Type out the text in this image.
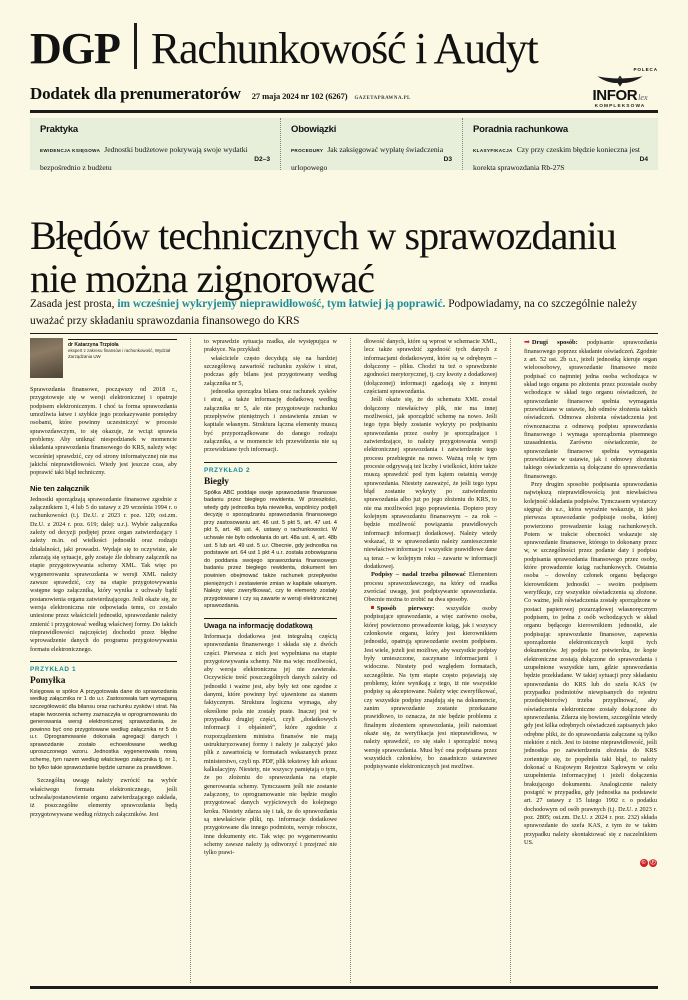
DGP Rachunkowość i Audyt
Dodatek dla prenumeratorów 27 maja 2024 nr 102 (6267) GAZETAPRAWNA.PL
POLECA
INFORlex
KOMPLEKSOWA
Praktyka
EWIDENCJA KSIĘGOWA Jednostki budżetowe pokrywają swoje wydatki bezpośrednio z budżetu
D2–3
Obowiązki
PROCEDURY Jak zaksięgować wypłatę świadczenia urlopowego
D3
Poradnia rachunkowa
KLASYFIKACJA Czy przy czeskim błędzie konieczna jest korekta sprawozdania Rb-27S
D4
Błędów technicznych w sprawozdaniu nie można zignorować
Zasada jest prosta, im wcześniej wykryjemy nieprawidłowość, tym łatwiej ją poprawić. Podpowiadamy, na co szczególnie należy uważać przy składaniu sprawozdania finansowego do KRS
dr Katarzyna Trzpioła
ekspert z zakresu finansów i rachunkowość, Wydział Zarządzania UW
Sprawozdania finansowe, począwszy od 2018 r., przygotowuje się w wersji elektronicznej i opatruje podpisem elektronicznym. I choć ta forma sprawozdania umożliwia łatwe i szybkie jego przekazywanie pomiędzy osobami, które powinny uczestniczyć w procesie sprawozdawczym, to się okazuje, że wciąż sprawia problemy. Aby uniknąć niespodzianek w momencie składania sprawozdania finansowego do KRS, należy więc wcześniej sprawdzić, czy od strony informatycznej nie ma jakichś nieprawidłowości. Wtedy jest jeszcze czas, aby poprawić taki błąd techniczny.
Nie ten załącznik
Jednostki sporządzają sprawozdanie finansowe zgodnie z załącznikiem 1, 4 lub 5 do ustawy z 29 września 1994 r. o rachunkowości (t.j. Dz.U. z 2023 r. poz. 120; ost.zm. Dz.U. z 2024 r. poz. 619; dalej: u.r.). Wybór załącznika zależy od decyzji podjętej przez organ zatwierdzający i zależy m.in. od wielkości jednostki oraz rodzaju działalności, jaki prowadzi. Wydaje się to oczywiste, ale zdarzają się sytuacje, gdy zostaje źle dobrany załącznik na etapie przygotowywania schemy XML. Tak więc po wygenerowaniu sprawozdania w wersji XML należy zawsze sprawdzić, czy na etapie przygotowywania wstępne tego załącznika, który wynika z uchwały bądź postanowienia organu zatwierdzającego. Jeśli okaże się, że wersja elektroniczna nie odpowiada temu, co zostało uniesione przez właścicieli jednostki, sprawozdanie należy zmienić i przygotować według właściwej formy. Do takich nieprawidłowości najczęściej dochodzi przez błędne wprowadzenie danych do programu przygotowywania formatu elektronicznego.
PRZYKŁAD 1
Pomyłka
Księgowa w spółce A przygotowała dane do sprawozdania według załącznika nr 1 do u.r. Zastosowała tam wymaganą szczegółowość dla bilansu oraz rachunku zysków i strat. Na etapie tworzenia schemy zaznaczyła w oprogramowaniu do generowania wersji elektronicznej sprawozdania, że powinno być ono przygotowane według załącznika nr 5 do u.r. Oprogramowanie dokonała agregacji danych i sprawozdanie zostało echoesłowane według uproszczonego wzoru. Jednostka wygenerowała nową schemę, tym razem według właściwego załącznika tj. nr 1, bo tylko takie sprawozdanie będzie uznane za prawidłowe.
Szczególną uwagę należy zwrócić na wybór właściwego formatu elektronicznego, jeśli uchwała/postanowienie organu zatwierdzającego zakłada, iż poszczególne elementy sprawozdania będą przygotowywane według różnych załączników. Jest
to wprawdzie sytuacja rzadka, ale występująca w praktyce. Na przykład:
właściciele często decydują się na bardziej szczegółową zawartość rachunku zysków i strat, podczas gdy bilans jest przygotowany według załącznika nr 5,
jednostka sporządza bilans oraz rachunek zysków i strat, a także informację dodatkową według załącznika nr 5, ale nie przygotowuje rachunku przepływów pieniężnych i zestawienia zmian w kapitale własnym. Struktura łączna elementy muszą być przyporządkowane do danego rodzaju załącznika, a w momencie ich przewidzenia nie są przewidziane tych informacji.
PRZYKŁAD 2
Biegły
Spółka ABC poddaje swoje sprawozdanie finansowe badaniu przez biegłego rewidenta. W przeszłości, wtedy gdy jednostka była niewielka, wspólnicy podjęli decyzję o sporządzaniu sprawozdania finansowego przy zastosowaniu art. 46 ust. 5 pkt 5, art. 47 ust. 4 pkt 5, art. 48 ust. 4, ustawy o rachunkowości. W uchwale nie było odwołania do art. 48a ust. 4, art. 48b ust. 5 lub art. 49 ust. 5 u.r. Obecnie, gdy jednostka na podstawie art. 64 ust 1 pkt 4 u.r. została zobowiązana do poddania swojego sprawozdania finansowego badaniu przez biegłego rewidenta, dokument ten powinien obejmować także rachunek przepływów pieniężnych i zestawienie zmian w kapitale własnym. Należy więc zweryfikować, czy te elementy zostały przygotowane i czy są zawarte w wersji elektronicznej sprawozdania.
Uwaga na informację dodatkową
Informacja dodatkowa jest integralną częścią sprawozdania finansowego i składa się z dwóch części. Pierwsza z nich jest wypełniana na etapie przygotowywania schemy. Nie ma więc możliwości, aby wersja elektroniczna jej nie zawierała. Oczywiście treść poszczególnych danych zależy od jednostki i ważne jest, aby były też one zgodne z danymi, które powinny być ujawnione za stanem faktycznym. Struktura logiczna wymaga, aby określone pola nie zostały puste. Inaczej jest w przypadku drugiej części, czyli „dodatkowych informacji i objaśnień”, które zgodnie z rozporządzeniem ministra finansów nie mają ustrukturyzowanej formy i należy je załączyć jako plik z zawartością w formatach wskazanych przez ministerstwo, czyli np. PDF, plik tekstowy lub arkusz kalkulacyjny. Niestety, nie wszyscy pamiętają o tym, że po złożeniu do sprawozdania na etapie generowania schemy. Tymczasem jeśli nie zostanie załączony, to oprogramowanie nie będzie mogło przygotować danych wyjściowych do kolejnego kroku. Niestety zdarza się i tak, że do sprawozdania są niewłaściwie pliki, np. informacje dodatkowe przygotowane dla innego podmiotu, wersje robocze, inne dokumenty etc. Tak więc po wygenerowaniu schemy zawsze należy ją odtworzyć i przejrzeć nie tylko prawi-
dłowość danych, które są wprost w schemacie XML, lecz także sprawdzić zgodność tych danych z informacjami dodatkowymi, które są w odrębnym – dołączony – pliku. Chodzi tu też o sprawdzenie zgodności merytorycznej, tj. czy kwoty z dodatkowej (dołączonej) informacji zgadzają się z innymi częściami sprawozdania.
Jeśli okaże się, że do schematu XML został dołączony niewłaściwy plik, nie ma innej możliwości, jak sporządzić schemę na nowo. Jeśli tego typu błędy zostanie wykryty po podpisaniu sprawozdania przez osoby je sporządzające i zatwierdzające, to należy przygotowania wersji elektronicznej sprawozdania i zatwierdzenie tego procesu przebiegnie na nowo. Ważną rolę w tym procesie odgrywają też liczby i wielkości, które także muszą sprawdzić pod tym kątem ostatnią wersję sprawozdania. Niestety zauważyć, że jeśli tego typu błąd zostanie wykryty po zatwierdzeniu sprawozdania albo już po jego złożeniu do KRS, to nie ma możliwości jego poprawienia. Dopiero przy kolejnym sprawozdaniu finansowym – za rok – będzie możliwość powiązania prawidłowych informacji informacji dodatkowej. Należy wtedy wskazać, iż w sprawozdaniu należy zamieszczenie niewłaściwe informacje i wszystkie prawidłowe dane są teraz – w kolejnym roku – zawarte w informacji dodatkowej.
Podpisy – nadal trzeba pilnować Elementem procesu sprawozdawczego, na który od rzadka zwróciać uwagę, jest podpisywanie sprawozdania. Obecnie można to zrobić na dwa sposoby.
Sposób pierwszy: wszystkie osoby podpisujące sprawozdanie, a więc zarówno osoba, której powierzono prowadzenie ksiąg, jak i wszyscy członkowie organu, który jest kierownikiem jednostki, opatrują sprawozdanie swoim podpisem. Jest wiele, jeżeli jest możliwe, aby wszystkie podpisy były umieszczone, zaczynane informacjami i widoczne. Niestety pod względem formatach, szczególnie. Na tym etapie często pojawiają się problemy, które wynikają z tego, iż nie wszystkie podpisy są akceptowane. Należy więc zweryfikować, czy wszystkie podpisy znajdują się na dokumencie, zanim sprawozdanie zostanie przekazane prawidłowo, to oznacza, że nie będzie problemu z finalnym złożeniem sprawozdania, jeśli natomiast okaże się, że weryfikacja jest nieprawidłowa, w należy sprawdzić, co się stało i sporządzić nową wersję sprawozdania. Musi być ona podpisana przez wszystkich członków, bo zasadniczo ustawowe podpisywanie elektronicznych jest możliwe.
➡ Drugi sposób: podpisanie sprawozdania finansowego poprzez składanie oświadczeń. Zgodnie z art. 52 ust. 2b u.r., jeżeli jednostką kieruje organ wieloosobowy, sprawozdanie finansowe może podpisać co najmniej jedna osoba wchodząca w skład tego organu po złożeniu przez pozostałe osoby wchodzące w skład tego organu oświadczeń, że sprawozdanie finansowe spełnia wymagania przewidziane w ustawie, lub odmów złożenia takich oświadczeń. Odmowa złożenia oświadczenia jest równoznaczna z odmową podpisu sprawozdania finansowego i wymaga sporządzenia pisemnego uzasadnienia. Zarówno oświadczenie, że sprawozdanie finansowe spełnia wymagania przewidziane w ustawie, jak i odmowy złożenia takiego oświadczenia są dołączane do sprawozdania finansowego.
Przy drugim sposobie podpisania sprawozdania największą nieprawidłowością jest niewłaściwa kolejność składania podpisów. Tymczasem wystarczy sięgnąć do u.r., która wyraźnie wskazuje, iż jako pierwsza sprawozdanie podpisuje osoba, której powierzono prowadzenie ksiąg rachunkowych. Potem w trakcie obecności wskazuje się sprawozdanie finansowe, którego to dokonany przez w, w szczególności przez podanie daty i podpisu podpisania sprawozdania finansowego przez osoby, które prowadzenie ksiąg rachunkowych. Ostatnia osoba – dowolny członek organu będącego kierownikiem jednostki – swoim podpisem weryfikuje, czy wszystkie oświadczenia są złożone. Co ważne, jeśli oświadczenia zostały sporządzone w postaci papierowej pozarządowej własnoręcznym podpisem, to jedna z osób wchodzących w skład organu będącego kierownikiem jednostki, ale podpisując sprawozdanie finansowe, zapewnia sporządzenie elektronicznych kopii tych dokumentów. Jej podpis też potwierdza, że kopie elektroniczne zostają dołączone do sprawozdania i uzupełnione wszystkie tam, gdzie sprawozdania będzie przekładane. W takiej sytuacji przy składaniu sprawozdania do KRS lub do szefa KAS (w przypadku podmiotów niewpisanych do rejestru przedsiębiorców) trzeba przypilnować, aby oświadczenia elektroniczne zostały dołączone do sprawozdania. Zdarza się bowiem, szczególnie wtedy gdy jest kilka odrębnych oświadczeń zapisanych jako odrębne pliki, że do sprawozdania załączane są tylko niektóre z nich. Jest to istotne nieprawidłowość, jeśli jednostka po zatwierdzeniu złożenia do KRS zorientuje się, że popełniła taki błąd, to należy dokonać u Krajowym Rejestrze Sądowym w celu uzupełnienia informacyjnej i jeżeli dołączenia brakującego dokumentu. Analogicznie należy postąpić w przypadku, gdy jednostka na podstawie art. 27 ustawy z 15 lutego 1992 r. o podatku dochodowym od osób prawnych (t.j. Dz.U. z 2023 r. poz. 2805; ost.zm. Dz.U. z 2024 r. poz. 232) składa sprawozdanie do szefa KAS, z tym że w takim przypadku należy skontaktować się z naczelnikiem US.
© Ⓟ
